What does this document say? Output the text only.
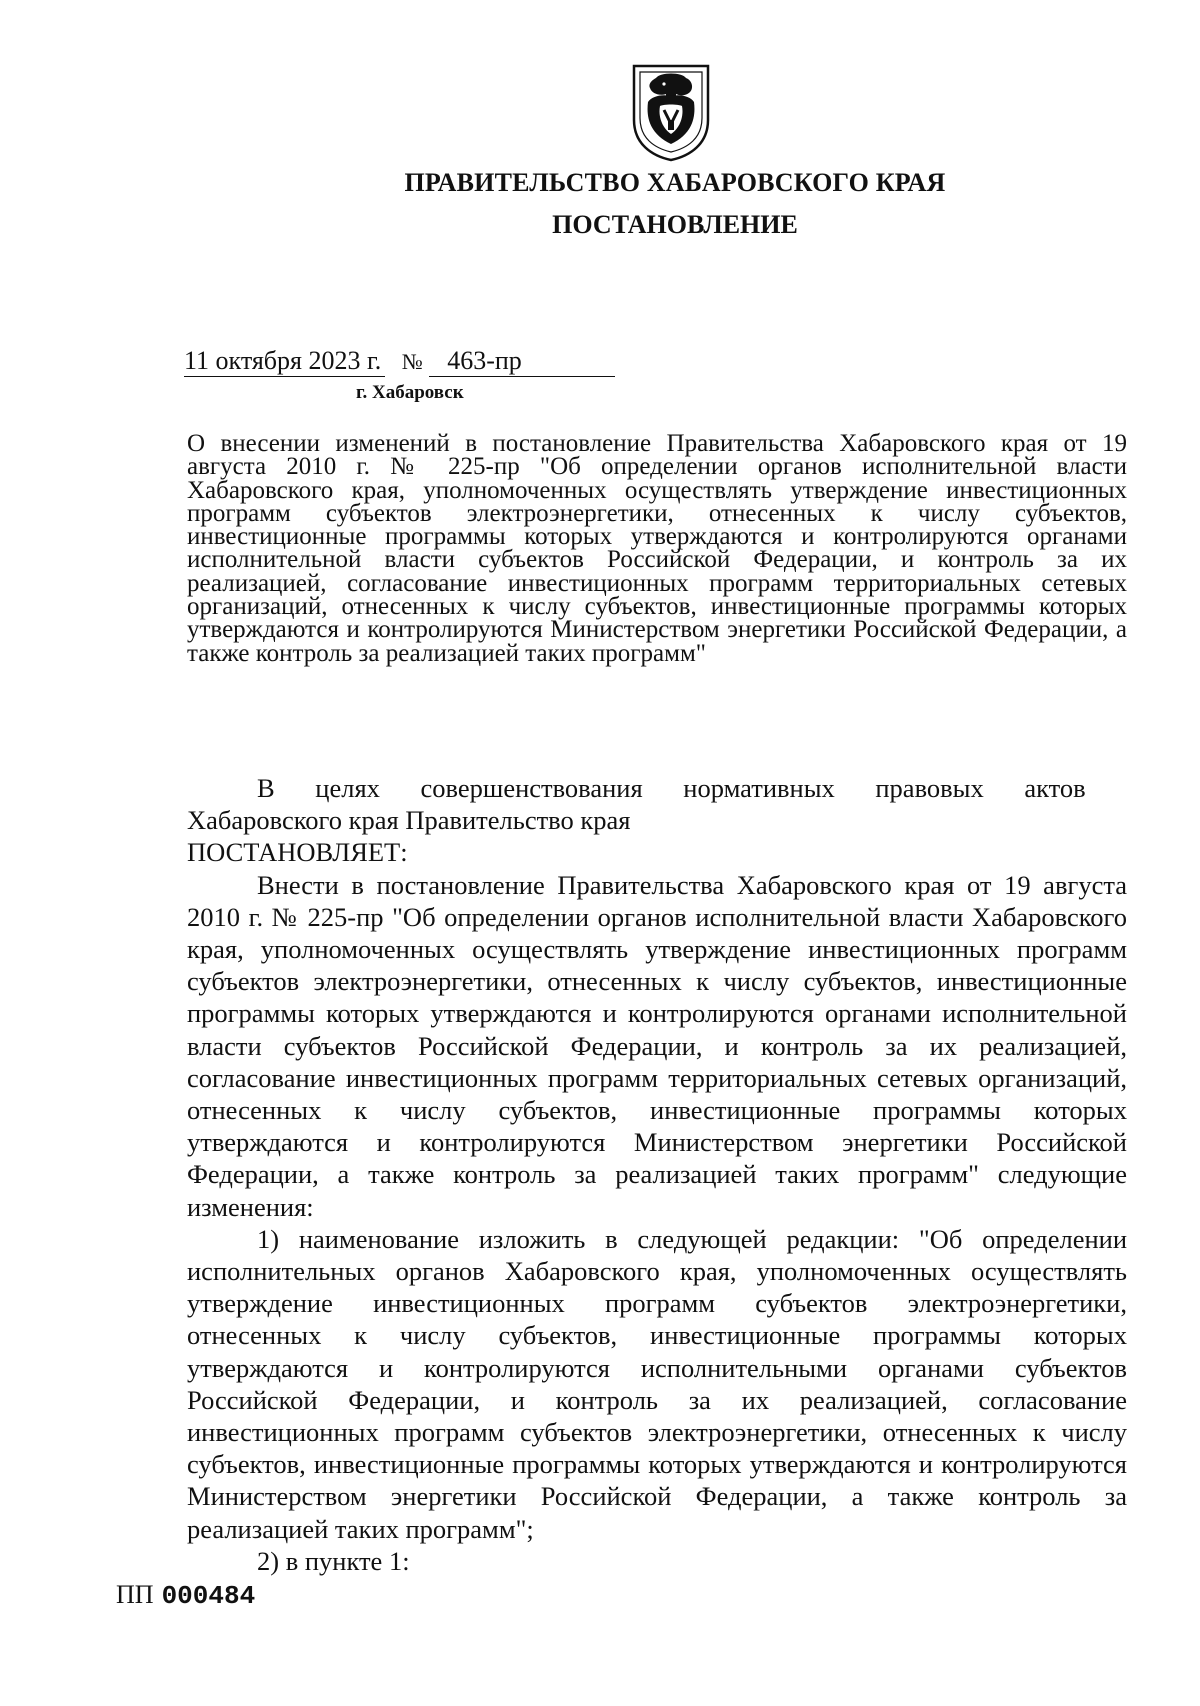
ПРАВИТЕЛЬСТВО ХАБАРОВСКОГО КРАЯ
ПОСТАНОВЛЕНИЕ
11 октября 2023 г. № 463-пр
г. Хабаровск
О внесении изменений в постановление Правительства Хабаровского края от 19 августа 2010 г. № 225-пр "Об определении органов исполнительной власти Хабаровского края, уполномоченных осуществлять утверждение инвестиционных программ субъектов электроэнергетики, отнесенных к числу субъектов, инвестиционные программы которых утверждаются и контролируются органами исполнительной власти субъектов Российской Федерации, и контроль за их реализацией, согласование инвестиционных программ территориальных сетевых организаций, отнесенных к числу субъектов, инвестиционные программы которых утверждаются и контролируются Министерством энергетики Российской Федерации, а также контроль за реализацией таких программ"

В целях совершенствования нормативных правовых актов

Хабаровского края Правительство края

ПОСТАНОВЛЯЕТ:

Внести в постановление Правительства Хабаровского края от 19 августа 2010 г. № 225-пр "Об определении органов исполнительной власти Хабаровского края, уполномоченных осуществлять утверждение инвестиционных программ субъектов электроэнергетики, отнесенных к числу субъектов, инвестиционные программы которых утверждаются и контролируются органами исполнительной власти субъектов Российской Федерации, и контроль за их реализацией, согласование инвестиционных программ территориальных сетевых организаций, отнесенных к числу субъектов, инвестиционные программы которых утверждаются и контролируются Министерством энергетики Российской Федерации, а также контроль за реализацией таких программ" следующие изменения:

1) наименование изложить в следующей редакции: "Об определении исполнительных органов Хабаровского края, уполномоченных осуществлять утверждение инвестиционных программ субъектов электроэнергетики, отнесенных к числу субъектов, инвестиционные программы которых утверждаются и контролируются исполнительными органами субъектов Российской Федерации, и контроль за их реализацией, согласование инвестиционных программ субъектов электроэнергетики, отнесенных к числу субъектов, инвестиционные программы которых утверждаются и контролируются Министерством энергетики Российской Федерации, а также контроль за реализацией таких программ";

2) в пункте 1:

ПП 000484
